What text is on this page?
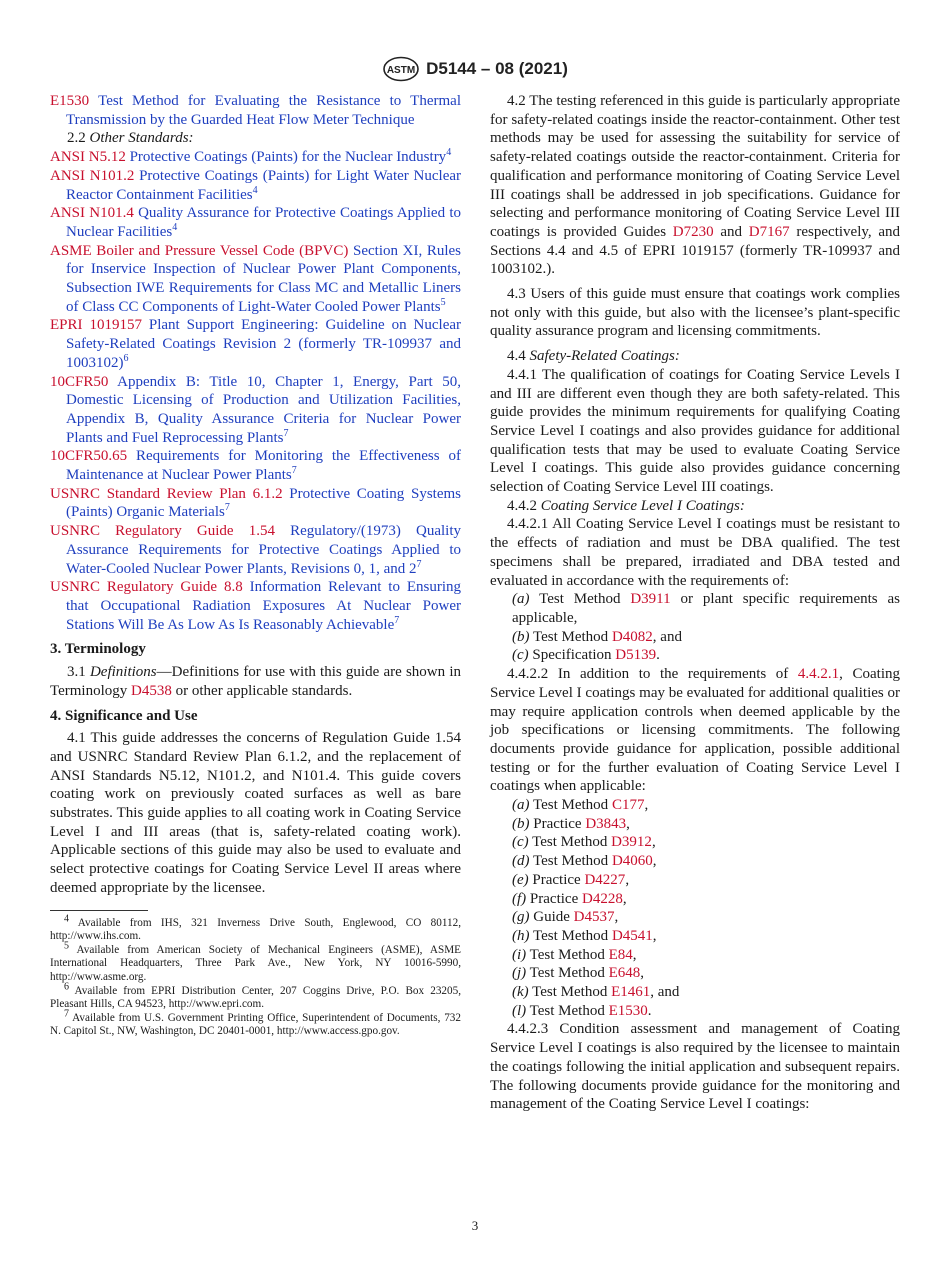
ASTM D5144 – 08 (2021)

E1530 Test Method for Evaluating the Resistance to Thermal Transmission by the Guarded Heat Flow Meter Technique

2.2 Other Standards:

ANSI N5.12 Protective Coatings (Paints) for the Nuclear Industry$^4$

ANSI N101.2 Protective Coatings (Paints) for Light Water Nuclear Reactor Containment Facilities$^4$

ANSI N101.4 Quality Assurance for Protective Coatings Applied to Nuclear Facilities$^4$

ASME Boiler and Pressure Vessel Code (BPVC) Section XI, Rules for Inservice Inspection of Nuclear Power Plant Components, Subsection IWE Requirements for Class MC and Metallic Liners of Class CC Components of Light-Water Cooled Power Plants$^5$

EPRI 1019157 Plant Support Engineering: Guideline on Nuclear Safety-Related Coatings Revision 2 (formerly TR-109937 and 1003102)$^6$

10CFR50 Appendix B: Title 10, Chapter 1, Energy, Part 50, Domestic Licensing of Production and Utilization Facilities, Appendix B, Quality Assurance Criteria for Nuclear Power Plants and Fuel Reprocessing Plants$^7$

10CFR50.65 Requirements for Monitoring the Effectiveness of Maintenance at Nuclear Power Plants$^7$

USNRC Standard Review Plan 6.1.2 Protective Coating Systems (Paints) Organic Materials$^7$

USNRC Regulatory Guide 1.54 Regulatory/(1973) Quality Assurance Requirements for Protective Coatings Applied to Water-Cooled Nuclear Power Plants, Revisions 0, 1, and $2^7$

USNRC Regulatory Guide 8.8 Information Relevant to Ensuring that Occupational Radiation Exposures At Nuclear Power Stations Will Be As Low As Is Reasonably Achievable$^7$

3. Terminology

3.1 Definitions—Definitions for use with this guide are shown in Terminology D4538 or other applicable standards.

4. Significance and Use

4.1 This guide addresses the concerns of Regulation Guide 1.54 and USNRC Standard Review Plan 6.1.2, and the replacement of ANSI Standards N5.12, N101.2, and N101.4. This guide covers coating work on previously coated surfaces as well as bare substrates. This guide applies to all coating work in Coating Service Level I and III areas (that is, safety-related coating work). Applicable sections of this guide may also be used to evaluate and select protective coatings for Coating Service Level II areas where deemed appropriate by the licensee.

$^4$ Available from IHS, 321 Inverness Drive South, Englewood, CO 80112, http://www.ihs.com.

$^5$ Available from American Society of Mechanical Engineers (ASME), ASME International Headquarters, Three Park Ave., New York, NY 10016-5990, http://www.asme.org.

$^6$ Available from EPRI Distribution Center, 207 Coggins Drive, P.O. Box 23205, Pleasant Hills, CA 94523, http://www.epri.com.

$^7$ Available from U.S. Government Printing Office, Superintendent of Documents, 732 N. Capitol St., NW, Washington, DC 20401-0001, http://www.access.gpo.gov.

4.2 The testing referenced in this guide is particularly appropriate for safety-related coatings inside the reactor-containment. Other test methods may be used for assessing the suitability for service of safety-related coatings outside the reactor-containment. Criteria for qualification and performance monitoring of Coating Service Level III coatings shall be addressed in job specifications. Guidance for selecting and performance monitoring of Coating Service Level III coatings is provided Guides D7230 and D7167 respectively, and Sections 4.4 and 4.5 of EPRI 1019157 (formerly TR-109937 and 1003102.).

4.3 Users of this guide must ensure that coatings work complies not only with this guide, but also with the licensee’s plant-specific quality assurance program and licensing commitments.

4.4 Safety-Related Coatings:

4.4.1 The qualification of coatings for Coating Service Levels I and III are different even though they are both safety-related. This guide provides the minimum requirements for qualifying Coating Service Level I coatings and also provides guidance for additional qualification tests that may be used to evaluate Coating Service Level I coatings. This guide also provides guidance concerning selection of Coating Service Level III coatings.

4.4.2 Coating Service Level I Coatings:

4.4.2.1 All Coating Service Level I coatings must be resistant to the effects of radiation and must be DBA qualified. The test specimens shall be prepared, irradiated and DBA tested and evaluated in accordance with the requirements of:

(a) Test Method D3911 or plant specific requirements as applicable,

(b) Test Method D4082, and

(c) Specification D5139.

4.4.2.2 In addition to the requirements of 4.4.2.1, Coating Service Level I coatings may be evaluated for additional qualities or may require application controls when deemed applicable by the job specifications or licensing commitments. The following documents provide guidance for application, possible additional testing or for the further evaluation of Coating Service Level I coatings when applicable:

(a) Test Method C177,

(b) Practice D3843,

(c) Test Method D3912,

(d) Test Method D4060,

(e) Practice D4227,

(f) Practice D4228,

(g) Guide D4537,

(h) Test Method D4541,

(i) Test Method E84,

(j) Test Method E648,

(k) Test Method E1461, and

(l) Test Method E1530.

4.4.2.3 Condition assessment and management of Coating Service Level I coatings is also required by the licensee to maintain the coatings following the initial application and subsequent repairs. The following documents provide guidance for the monitoring and management of the Coating Service Level I coatings:

3
